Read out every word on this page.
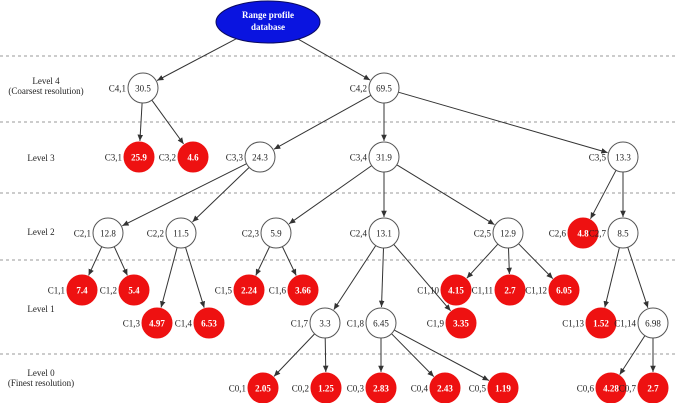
Range profile
database
30.5
C4,1	69.5
C4,2
25.9
C3,1	4.6
C3,2	24.3
C3,3	31.9
C3,4	13.3
C3,5
12.8
C2,1	11.5
C2,2	5.9
C2,3	13.1
C2,4	12.9
C2,5	4.8
C2,6	8.5
C2,7
7.4
C1,1	5.4
C1,2
4.97
C1,3	6.53
C1,4
2.24
C1,5	3.66
C1,6
3.3
C1,7	6.45
C1,8	3.35
C1,9
4.15
C1,10	2.7
C1,11	6.05
C1,12
1.52
C1,13	6.98
C1,14
2.05
C0,1	1.25
C0,2	2.83
C0,3	2.43
C0,4	1.19
C0,5	4.28
C0,6	2.7
C0,7
Level 4
(Coarsest resolution)
Level 3
Level 2
Level 1
Level 0
(Finest resolution)
